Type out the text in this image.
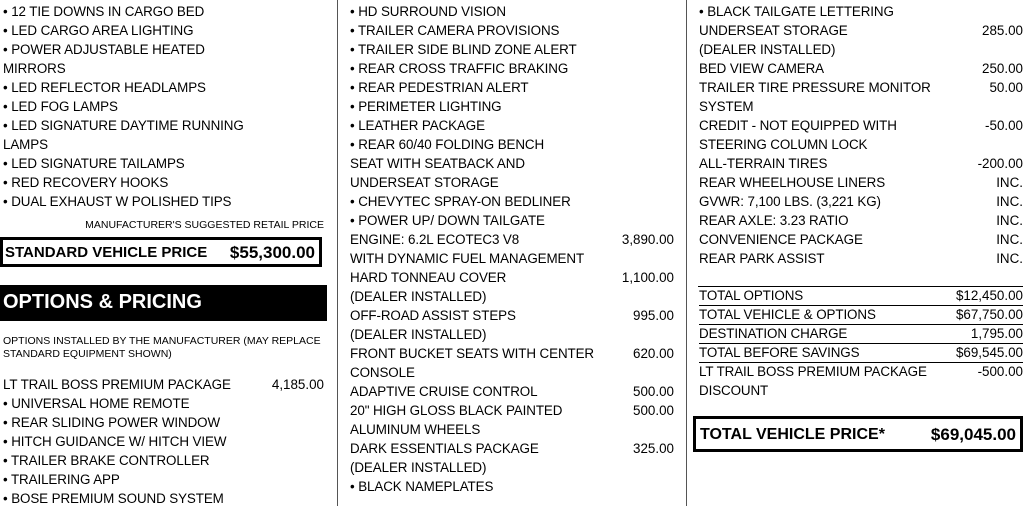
• 12 TIE DOWNS IN CARGO BED
• LED CARGO AREA LIGHTING
• POWER ADJUSTABLE HEATED
MIRRORS
• LED REFLECTOR HEADLAMPS
• LED FOG LAMPS
• LED SIGNATURE DAYTIME RUNNING
LAMPS
• LED SIGNATURE TAILAMPS
• RED RECOVERY HOOKS
• DUAL EXHAUST W POLISHED TIPS
MANUFACTURER'S SUGGESTED RETAIL PRICE
STANDARD VEHICLE PRICE $55,300.00
OPTIONS & PRICING
OPTIONS INSTALLED BY THE MANUFACTURER (MAY REPLACE
STANDARD EQUIPMENT SHOWN)
LT TRAIL BOSS PREMIUM PACKAGE	4,185.00
• UNIVERSAL HOME REMOTE
• REAR SLIDING POWER WINDOW
• HITCH GUIDANCE W/ HITCH VIEW
• TRAILER BRAKE CONTROLLER
• TRAILERING APP
• BOSE PREMIUM SOUND SYSTEM
• HD SURROUND VISION
• TRAILER CAMERA PROVISIONS
• TRAILER SIDE BLIND ZONE ALERT
• REAR CROSS TRAFFIC BRAKING
• REAR PEDESTRIAN ALERT
• PERIMETER LIGHTING
• LEATHER PACKAGE
• REAR 60/40 FOLDING BENCH
SEAT WITH SEATBACK AND
UNDERSEAT STORAGE
• CHEVYTEC SPRAY-ON BEDLINER
• POWER UP/ DOWN TAILGATE
ENGINE: 6.2L ECOTEC3 V8	3,890.00
WITH DYNAMIC FUEL MANAGEMENT
HARD TONNEAU COVER	1,100.00
(DEALER INSTALLED)
OFF-ROAD ASSIST STEPS	995.00
(DEALER INSTALLED)
FRONT BUCKET SEATS WITH CENTER	620.00
CONSOLE
ADAPTIVE CRUISE CONTROL	500.00
20" HIGH GLOSS BLACK PAINTED	500.00
ALUMINUM WHEELS
DARK ESSENTIALS PACKAGE	325.00
(DEALER INSTALLED)
• BLACK NAMEPLATES
• BLACK TAILGATE LETTERING
UNDERSEAT STORAGE	285.00
(DEALER INSTALLED)
BED VIEW CAMERA	250.00
TRAILER TIRE PRESSURE MONITOR	50.00
SYSTEM
CREDIT - NOT EQUIPPED WITH	-50.00
STEERING COLUMN LOCK
ALL-TERRAIN TIRES	-200.00
REAR WHEELHOUSE LINERS	INC.
GVWR: 7,100 LBS. (3,221 KG)	INC.
REAR AXLE: 3.23 RATIO	INC.
CONVENIENCE PACKAGE	INC.
REAR PARK ASSIST	INC.
TOTAL OPTIONS	$12,450.00
TOTAL VEHICLE & OPTIONS	$67,750.00
DESTINATION CHARGE	1,795.00
TOTAL BEFORE SAVINGS	$69,545.00
LT TRAIL BOSS PREMIUM PACKAGE	-500.00
DISCOUNT
TOTAL VEHICLE PRICE*	$69,045.00
